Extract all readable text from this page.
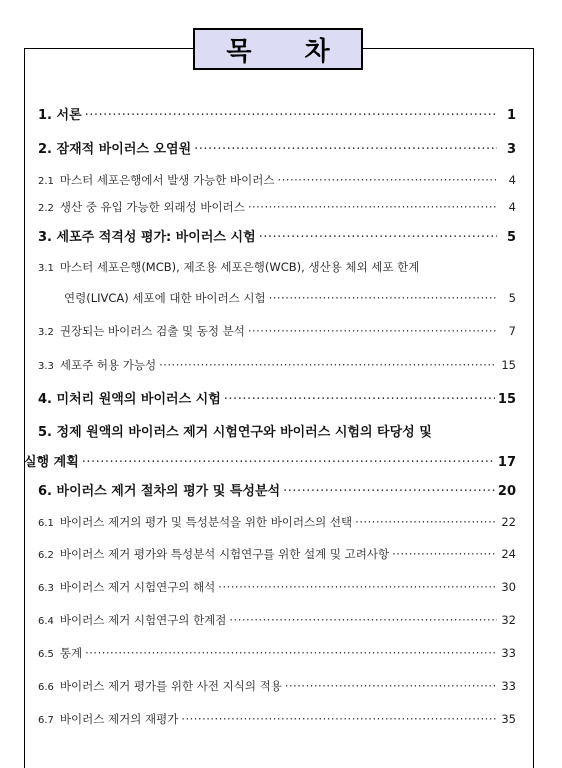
목 차
1. 서론 ·····	1
2. 잠재적 바이러스 오염원 ·····	3
2.1 마스터 세포은행에서 발생 가능한 바이러스 ·····	4
2.2 생산 중 유입 가능한 외래성 바이러스 ·····	4
3. 세포주 적격성 평가: 바이러스 시험 ·····	5
3.1 마스터 세포은행(MCB), 제조용 세포은행(WCB), 생산용 체외 세포 한계
연령(LIVCA) 세포에 대한 바이러스 시험 ·····	5
3.2 권장되는 바이러스 검출 및 동정 분석 ·····	7
3.3 세포주 허용 가능성 ·····	15
4. 미처리 원액의 바이러스 시험 ·····	15
5. 정제 원액의 바이러스 제거 시험연구와 바이러스 시험의 타당성 및
실행 계획 ·····	17
6. 바이러스 제거 절차의 평가 및 특성분석 ·····	20
6.1 바이러스 제거의 평가 및 특성분석을 위한 바이러스의 선택 ·····	22
6.2 바이러스 제거 평가와 특성분석 시험연구를 위한 설계 및 고려사항 ·····	24
6.3 바이러스 제거 시험연구의 해석 ·····	30
6.4 바이러스 제거 시험연구의 한계점 ·····	32
6.5 통계 ·····	33
6.6 바이러스 제거 평가를 위한 사전 지식의 적용 ·····	33
6.7 바이러스 제거의 재평가 ·····	35
